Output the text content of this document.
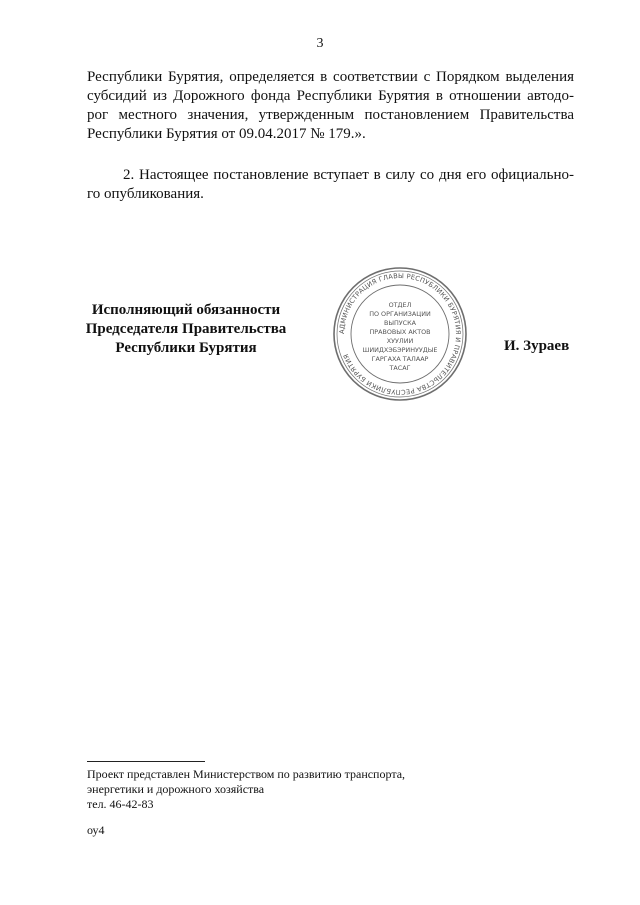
3

Республики Бурятия, определяется в соответствии с Порядком выделения
субсидий из Дорожного фонда Республики Бурятия в отношении автодо-
рог местного значения, утвержденным постановлением Правительства
Республики Бурятия от 09.04.2017 № 179.».

2. Настоящее постановление вступает в силу со дня его официально-
го опубликования.

Исполняющий обязанности
Председателя Правительства
Республики Бурятия
АДМИНИСТРАЦИЯ ГЛАВЫ РЕСПУБЛИКИ БУРЯТИЯ И ПРАВИТЕЛЬСТВА РЕСПУБЛИКИ БУРЯТИЯ
ОТДЕЛ
ПО ОРГАНИЗАЦИИ
ВЫПУСКА
ПРАВОВЫХ АКТОВ
ХУУЛИИ
ШИИДХЭБЭРИНУУДЫЕ
ГАРГАХА ТАЛААР
ТАСАГ
И. Зураев
Проект представлен Министерством по развитию транспорта,
энергетики и дорожного хозяйства
тел. 46-42-83
оу4
